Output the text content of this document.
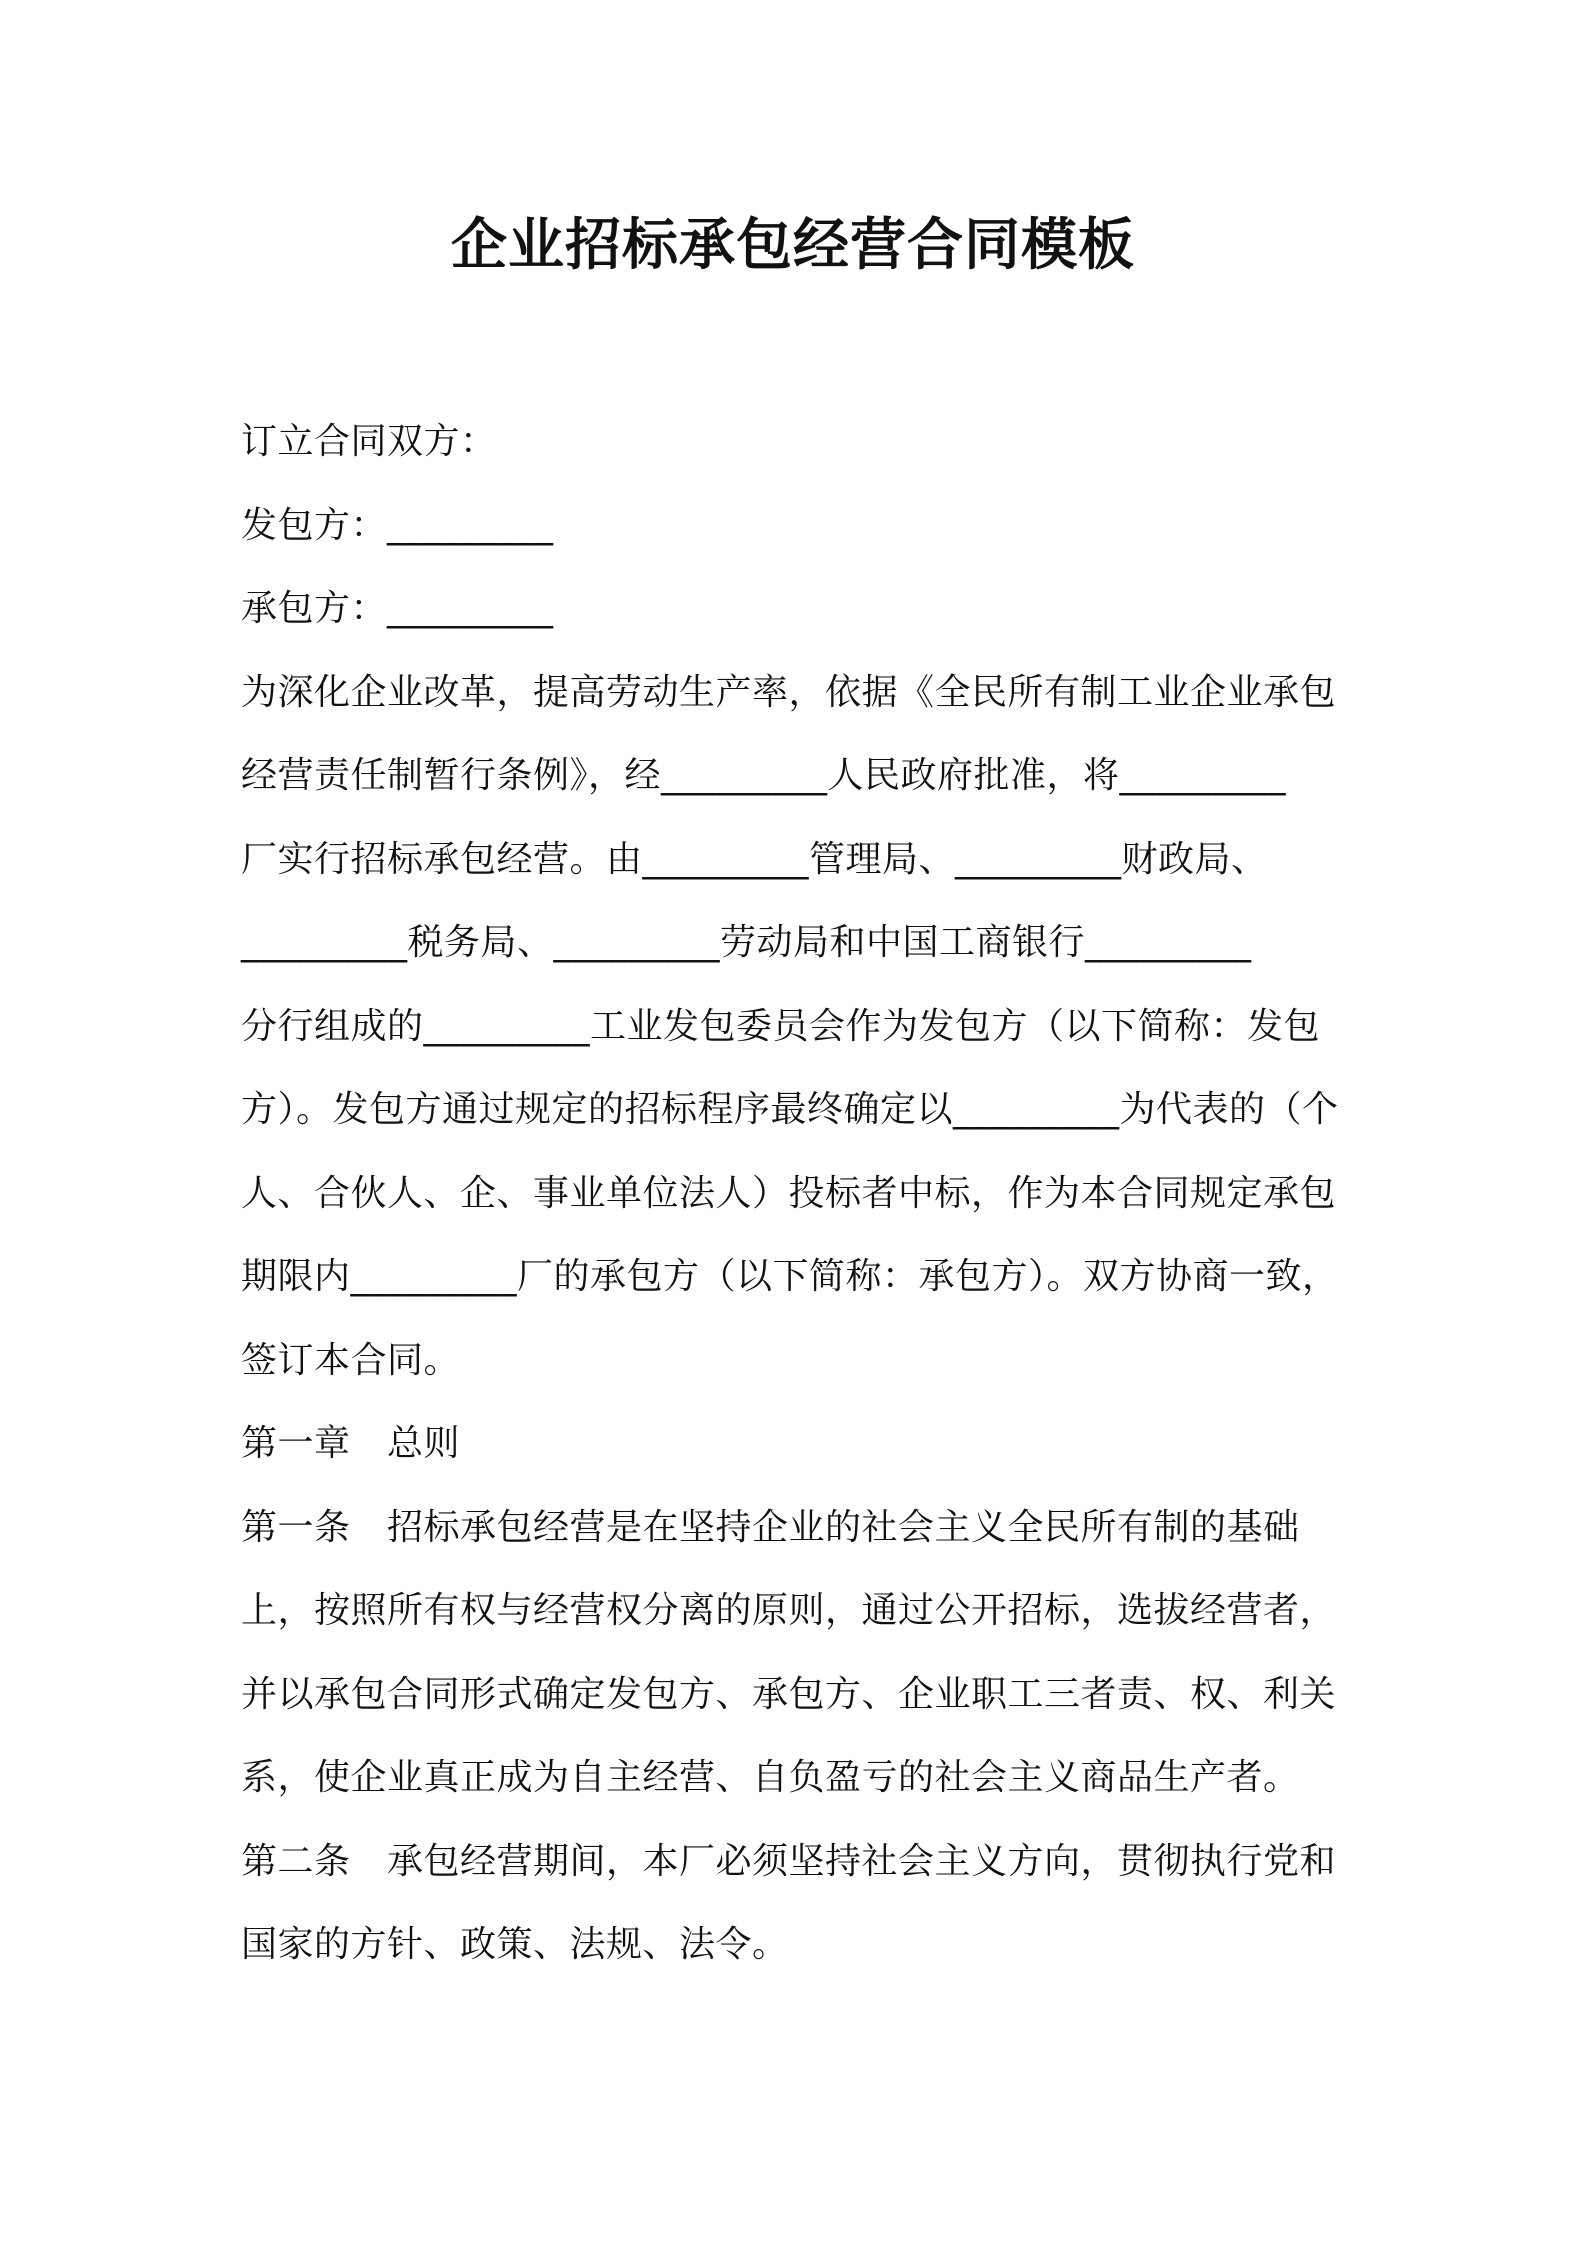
企业招标承包经营合同模板
订立合同双方：
发包方：_________
承包方：_________
为深化企业改革，提高劳动生产率，依据《全民所有制工业企业承包
经营责任制暂行条例》，经_________人民政府批准，将_________
厂实行招标承包经营。由_________管理局、_________财政局、
_________税务局、_________劳动局和中国工商银行_________
分行组成的_________工业发包委员会作为发包方（以下简称：发包
方）。发包方通过规定的招标程序最终确定以_________为代表的（个
人、合伙人、企、事业单位法人）投标者中标，作为本合同规定承包
期限内_________厂的承包方（以下简称：承包方）。双方协商一致，
签订本合同。
第一章　总则
第一条　招标承包经营是在坚持企业的社会主义全民所有制的基础
上，按照所有权与经营权分离的原则，通过公开招标，选拔经营者，
并以承包合同形式确定发包方、承包方、企业职工三者责、权、利关
系，使企业真正成为自主经营、自负盈亏的社会主义商品生产者。
第二条　承包经营期间，本厂必须坚持社会主义方向，贯彻执行党和
国家的方针、政策、法规、法令。
